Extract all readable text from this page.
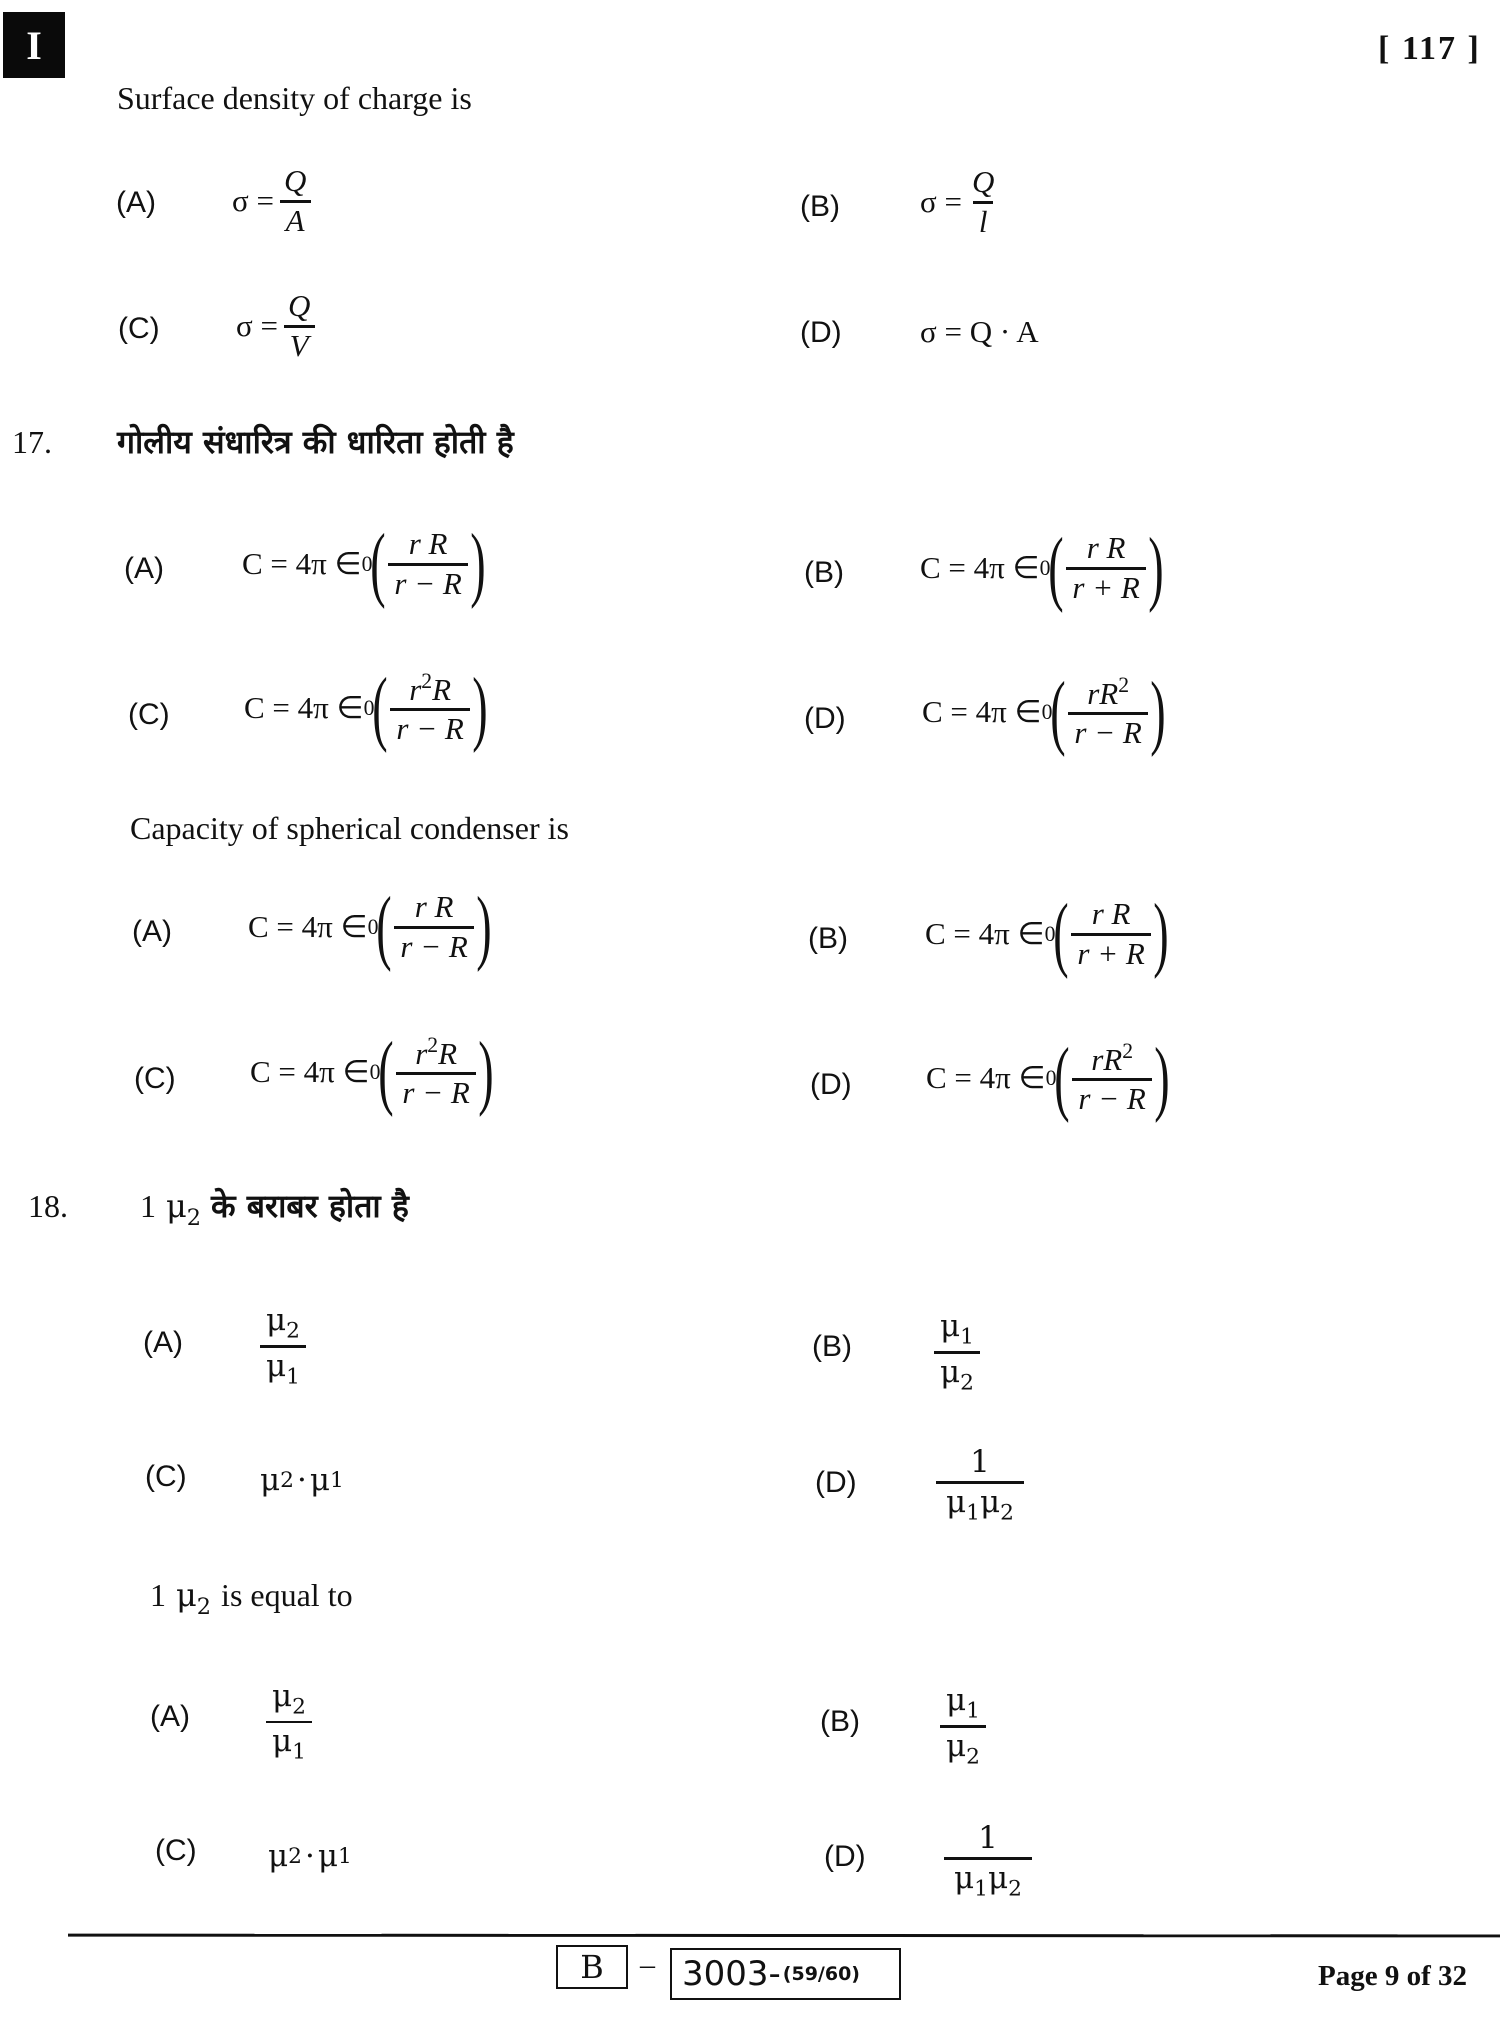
I	[ 117 ]
Surface density of charge is
(A) $\sigma = \frac{Q}{A}$	(B)	$\sigma = \frac{Q}{l}$
(C) $\sigma = \frac{Q}{V}$	(D)	σ = Q · A
17. गोलीय संधारित्र की धारिता होती है
(A)	C = 4π ∈ 0
( $\frac{\text{r R}}{r - R}$ )	(B) C = 4π ∈ 0
( $\frac{\text{r R}}{r + R}$ )
(C) C = 4π ∈ 0
( $\frac{r^2R}{r - R}$ )	(D) C = 4π ∈ 0
( $\frac{rR^2}{r - R}$ )
Capacity of spherical condenser is
(A) C = 4π ∈ 0
( $\frac{\text{r R}}{r - R}$ )	(B) C = 4π ∈ 0
( $\frac{\text{r R}}{r + R}$ )
(C) C = 4π ∈ 0
( $\frac{r^2R}{r - R}$ )	(D) C = 4π ∈ 0
( $\frac{rR^2}{r - R}$ )
18. 1 $\mu_2$ के बराबर होता है
$(A) \frac{\mu_2}{\mu_1}$	(B)	$\frac{\mu_1}{\mu_2}$
(C) μ 2 · μ 1	(D)	$\frac{1}{\mu_1\mu_2}$
1 $\mu_2$ is equal to
$(A) \frac{\mu_2}{\mu_1}$	(B)	$\frac{\mu_1}{\mu_2}$
(C) μ 2 · μ 1	(D)	$\frac{1}{\mu_1\mu_2}$
B – 3003- (59/60)	Page 9 of 32
